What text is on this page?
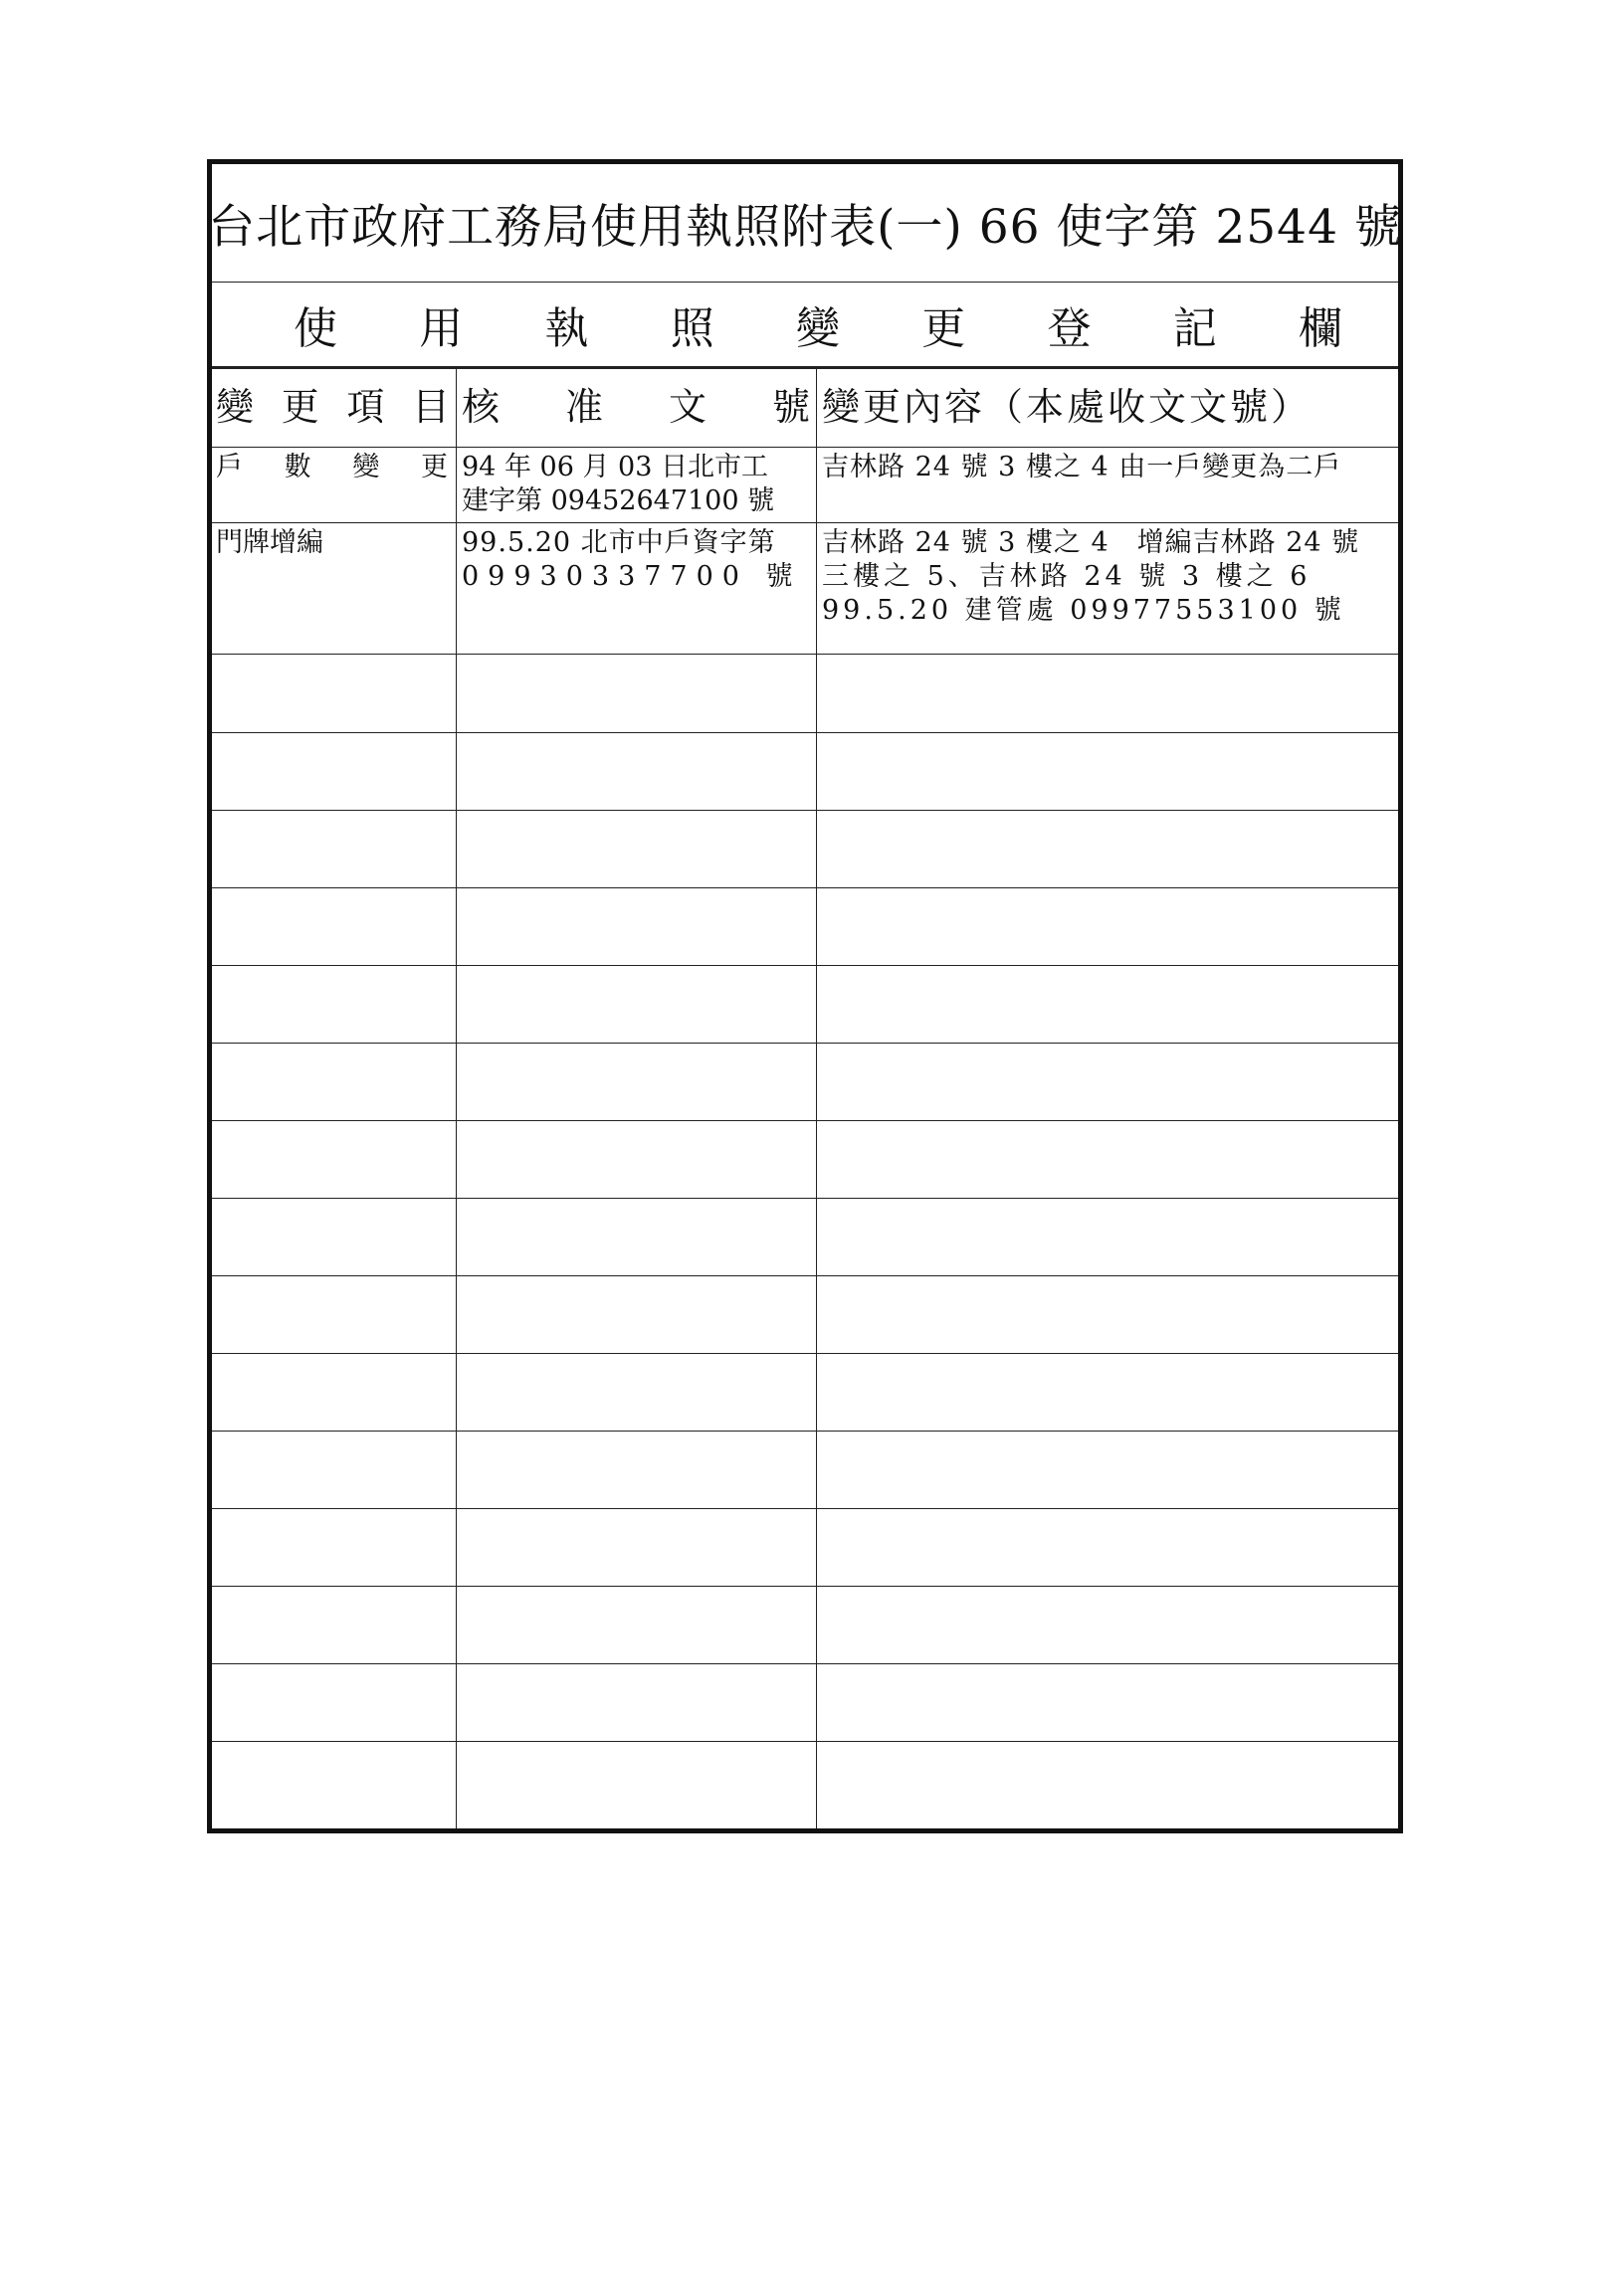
台北市政府工務局使用執照附表(一) 66 使字第 2544 號
使 用 執 照 變 更 登 記 欄
變 更 項 目 核 准 文 號 變更內容（本處收文文號）
戶 數 變 更 94 年 06 月 03 日北市工
建字第 09452647100 號
吉林路 24 號 3 樓之 4 由一戶變更為二戶
門牌增編	99.5.20 北市中戶資字第
09930337700 號
吉林路 24 號 3 樓之 4　增編吉林路 24 號
三樓之 5、吉林路 24 號 3 樓之 6
99.5.20 建管處 09977553100 號
